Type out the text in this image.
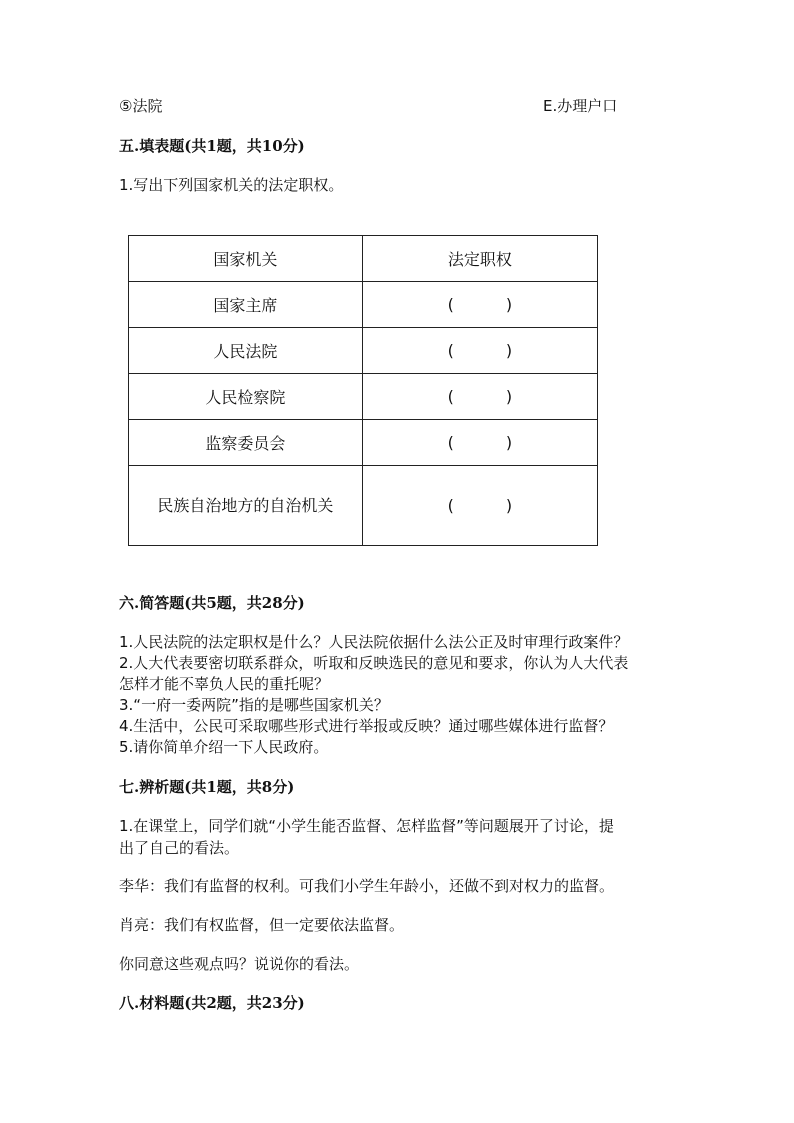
⑤法院	E.办理户口
五.填表题(共1题，共10分)
1.写出下列国家机关的法定职权。
国家机关	法定职权
国家主席	( )
人民法院	( )
人民检察院	( )
监察委员会	( )
民族自治地方的自治机关	( )
六.简答题(共5题，共28分)
1.人民法院的法定职权是什么？人民法院依据什么法公正及时审理行政案件？
2.人大代表要密切联系群众，听取和反映选民的意见和要求，你认为人大代表
怎样才能不辜负人民的重托呢？
3.“一府一委两院”指的是哪些国家机关？
4.生活中，公民可采取哪些形式进行举报或反映？通过哪些媒体进行监督？
5.请你简单介绍一下人民政府。
七.辨析题(共1题，共8分)
1.在课堂上，同学们就“小学生能否监督、怎样监督”等问题展开了讨论，提
出了自己的看法。
李华：我们有监督的权利。可我们小学生年龄小，还做不到对权力的监督。
肖亮：我们有权监督，但一定要依法监督。
你同意这些观点吗？说说你的看法。
八.材料题(共2题，共23分)
